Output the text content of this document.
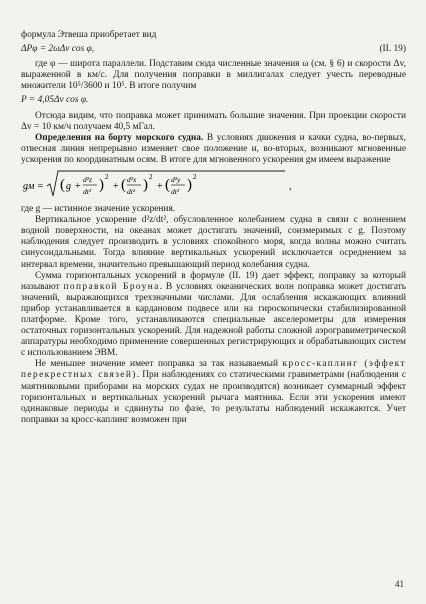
формула Этвеша приобретает вид

ΔPφ = 2ωΔv cos φ,	(II. 19)

где φ — широта параллели. Подставим сюда численные значения ω (см. § 6) и скорости Δv, выраженной в км/с. Для получения поправки в миллигалах следует учесть переводные множители 10⁵/3600 и 10⁵. В итоге получим

P = 4,05Δv cos φ.

Отсюда видим, что поправка может принимать большие значения. При проекции скорости Δv = 10 км/ч получаем 40,5 мГал.

Определения на борту морского судна. В условиях движения и качки судна, во-первых, отвесная линия непрерывно изменяет свое положение и, во-вторых, возникают мгновенные ускорения по координатным осям. В итоге для мгновенного ускорения gм имеем выражение

gм = ( g +
d²z
dt² ) 2
+ ( d²x
dt² ) 2
+ ( d²y
dt² ) 2
,

где g — истинное значение ускорения.

Вертикальное ускорение d²z/dt², обусловленное колебанием судна в связи с волнением водной поверхности, на океанах может достигать значений, соизмеримых с g. Поэтому наблюдения следует производить в условиях спокойного моря, когда волны можно считать синусоидальными. Тогда влияние вертикальных ускорений исключается осреднением за интервал времени, значительно превышающий период колебания судна.

Сумма горизонтальных ускорений в формуле (II. 19) дает эффект, поправку за который называют поправкой Броуна. В условиях океанических волн поправка может достигать значений, выражающихся трехзначными числами. Для ослабления искажающих влияний прибор устанавливается в кардановом подвесе или на гироскопически стабилизированной платформе. Кроме того, устанавливаются специальные акселерометры для измерения остаточных горизонтальных ускорений. Для надежной работы сложной аэрогравиметрической аппаратуры необходимо применение совершенных регистрирующих и обрабатывающих систем с использованием ЭВМ.

Не меньшее значение имеет поправка за так называемый кросс-каплинг (эффект перекрестных связей). При наблюдениях со статическими гравиметрами (наблюдения с маятниковыми приборами на морских судах не производятся) возникает суммарный эффект горизонтальных и вертикальных ускорений рычага маятника. Если эти ускорения имеют одинаковые периоды и сдвинуты по фазе, то результаты наблюдений искажаются. Учет поправки за кросс-каплинг возможен при

41
